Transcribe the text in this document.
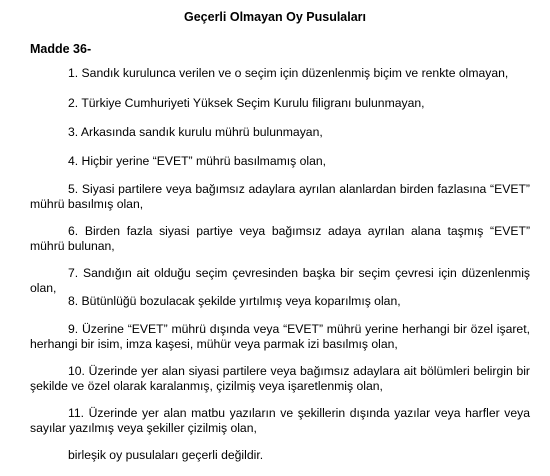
Geçerli Olmayan Oy Pusulaları
Madde 36-
1. Sandık kurulunca verilen ve o seçim için düzenlenmiş biçim ve renkte olmayan,
2. Türkiye Cumhuriyeti Yüksek Seçim Kurulu filigranı bulunmayan,
3. Arkasında sandık kurulu mührü bulunmayan,
4. Hiçbir yerine “EVET” mührü basılmamış olan,
5. Siyasi partilere veya bağımsız adaylara ayrılan alanlardan birden fazlasına “EVET” mührü basılmış olan,
6. Birden fazla siyasi partiye veya bağımsız adaya ayrılan alana taşmış “EVET” mührü bulunan,
7. Sandığın ait olduğu seçim çevresinden başka bir seçim çevresi için düzenlenmiş olan,
8. Bütünlüğü bozulacak şekilde yırtılmış veya koparılmış olan,
9. Üzerine “EVET” mührü dışında veya “EVET” mührü yerine herhangi bir özel işaret, herhangi bir isim, imza kaşesi, mühür veya parmak izi basılmış olan,
10. Üzerinde yer alan siyasi partilere veya bağımsız adaylara ait bölümleri belirgin bir şekilde ve özel olarak karalanmış, çizilmiş veya işaretlenmiş olan,
11. Üzerinde yer alan matbu yazıların ve şekillerin dışında yazılar veya harfler veya sayılar yazılmış veya şekiller çizilmiş olan,
birleşik oy pusulaları geçerli değildir.
